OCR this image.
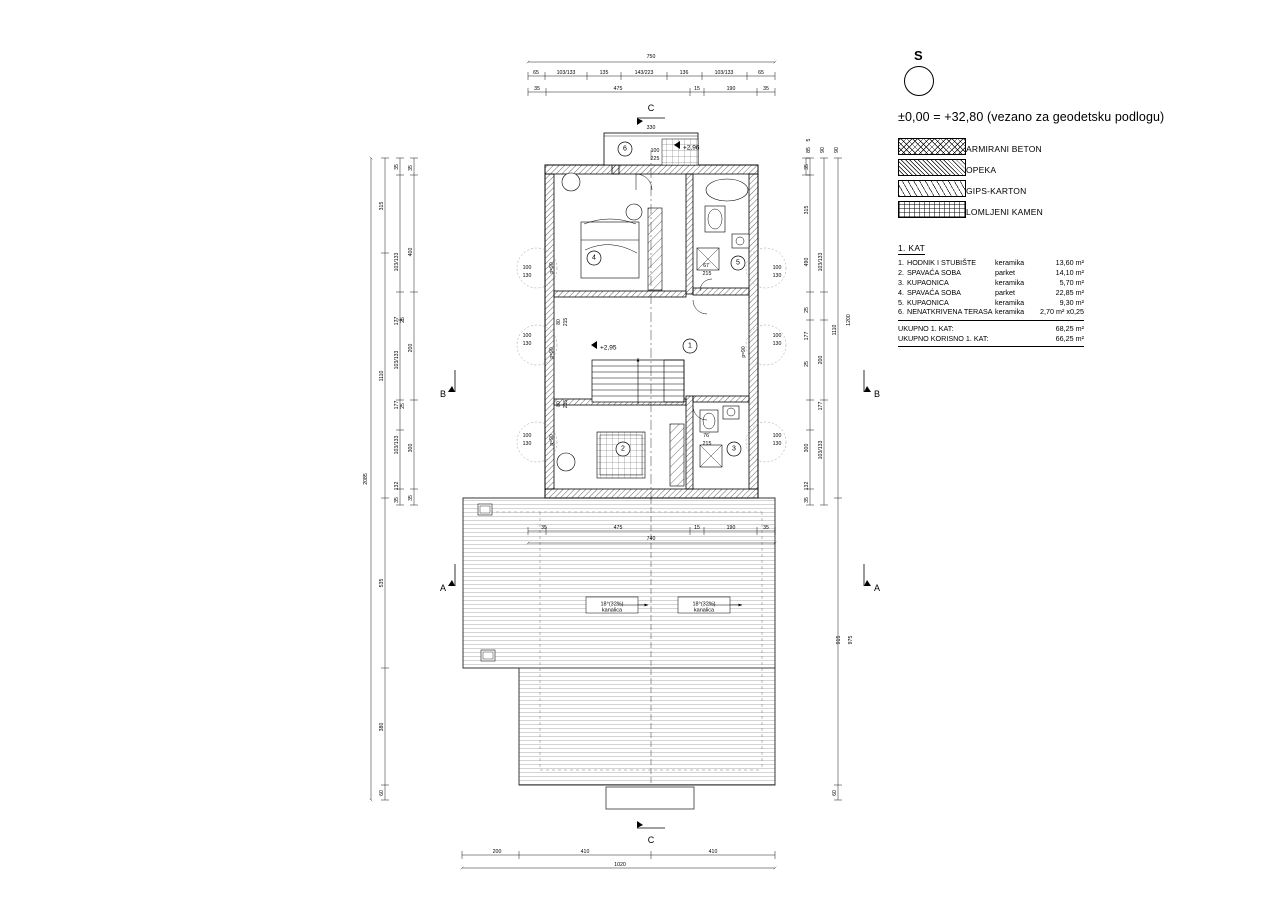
18°(32%)
kanalica
18°(32%)
kanalica
1
2	3
4
5
6
+2,95
+2,96
67`
215
76`
215
100
130
100
130
100
130
100
130
100
130
100
130
100
225
330
80 215
80 215
p=90
p=90
p=90
p=90
C
C
B	B
A	A
750
65	103/133	135	143/223	136	103/133	65
35	475	15	190	35
2085
315
1110
535
380
60
35
103/133
177
103/133
177
103/133
132
35
35
400
200
300
35
25
25
85 90 90
5
35
315
490
25
177
25
300
132
35
103/133
200
177
103/133
1110
1200
915 975
60
35	475	15	190	35
740
200	410	410
1020
S
±0,00 = +32,80 (vezano za geodetsku podlogu)
	ARMIRANI BETON

	OPEKA

	GIPS-KARTON

	LOMLJENI KAMEN
1. KAT
1.	HODNIK I STUBIŠTE	keramika	13,60 m²
2.	SPAVAĆA SOBA	parket	14,10 m²
3.	KUPAONICA	keramika	5,70 m²
4.	SPAVAĆA SOBA	parket	22,85 m²
5.	KUPAONICA	keramika	9,30 m²
6.	NENATKRIVENA TERASA	keramika	2,70 m² x0,25
UKUPNO 1. KAT:	68,25 m²
UKUPNO KORISNO 1. KAT:	66,25 m²
